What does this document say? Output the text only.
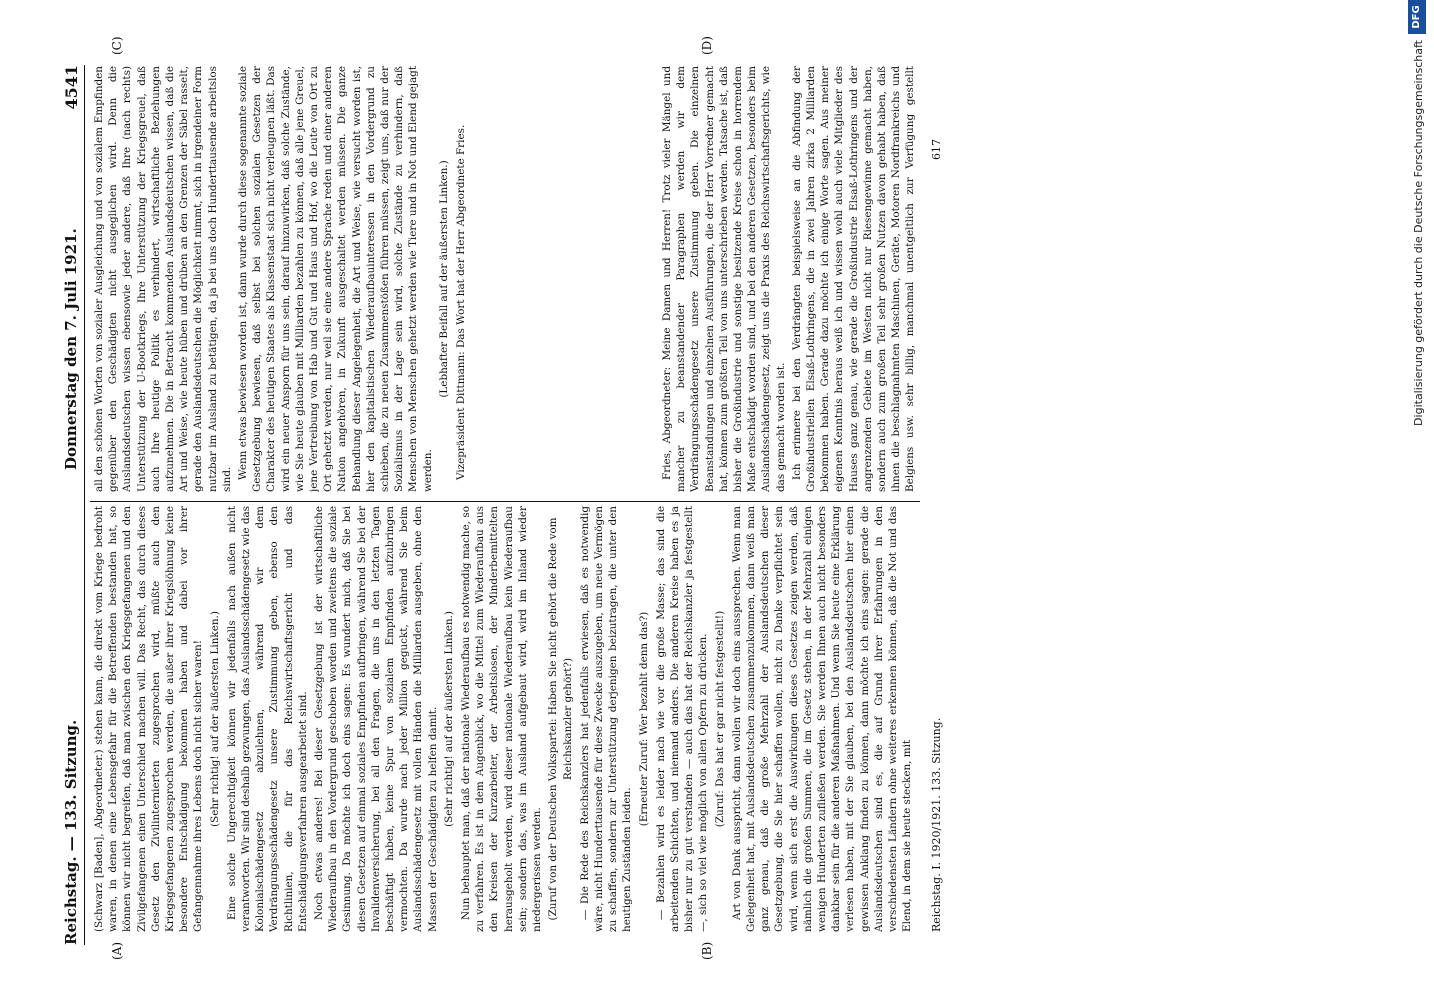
Reichstag. — 133. Sitzung.
Donnerstag den 7. Juli 1921.
4541

(Schwarz [Baden], Abgeordneter.) stehen kann, die direkt vom Kriege bedroht waren, in denen eine Lebensgefahr für die Betreffenden bestanden hat, so können wir nicht begreifen, daß man zwischen den Kriegsgefangenen und den Zivilgefangenen einen Unterschied machen will. Das Recht, das durch dieses Gesetz den Zivilinternierten zugesprochen wird, müßte auch den Kriegsgefangenen zugesprochen werden, die außer ihrer Kriegslöhnung keine besondere Entschädigung bekommen haben und dabei vor ihrer Gefangennahme ihres Lebens doch nicht sicher waren! (Sehr richtig! auf der äußersten Linken.) Eine solche Ungerechtigkeit können wir jedenfalls nach außen nicht verantworten. Wir sind deshalb gezwungen, das Auslandsschädengesetz wie das Kolonialschädengesetz abzulehnen, während wir dem Verdrängungsschädengesetz unsere Zustimmung geben, ebenso den Richtlinien, die für das Reichswirtschaftsgericht und das Entschädigungsverfahren ausgearbeitet sind. Noch etwas anderes! Bei dieser Gesetzgebung ist der wirtschaftliche Wiederaufbau in den Vordergrund geschoben worden und zweitens die soziale Gesinnung. Da möchte ich doch eins sagen: Es wundert mich, daß Sie bei diesen Gesetzen auf einmal soziales Empfinden aufbringen, während Sie bei der Invalidenversicherung, bei all den Fragen, die uns in den letzten Tagen beschäftigt haben, keine Spur von sozialem Empfinden aufzubringen vermochten. Da wurde nach jeder Million geguckt, während Sie beim Auslandsschädengesetz mit vollen Händen die Milliarden ausgeben, ohne den Massen der Geschädigten zu helfen damit. (Sehr richtig! auf der äußersten Linken.) Nun behauptet man, daß der nationale Wiederaufbau es notwendig mache, so zu verfahren. Es ist in dem Augenblick, wo die Mittel zum Wiederaufbau aus den Kreisen der Kurzarbeiter, der Arbeitslosen, der Minderbemittelten herausgeholt werden, wird dieser nationale Wiederaufbau kein Wiederaufbau sein; sondern das, was im Ausland aufgebaut wird, wird im Inland wieder niedergerissen werden. (Zuruf von der Deutschen Volkspartei: Haben Sie nicht gehört die Rede vom Reichskanzler gehört?) — Die Rede des Reichskanzlers hat jedenfalls erwiesen, daß es notwendig wäre, nicht Hunderttausende für diese Zwecke auszugeben, um neue Vermögen zu schaffen, sondern zur Unterstützung derjenigen beizutragen, die unter den heutigen Zuständen leiden.

(Erneuter Zuruf: Wer bezahlt denn das?) — Bezahlen wird es leider nach wie vor die große Masse; das sind die arbeitenden Schichten, und niemand anders. Die anderen Kreise haben es ja bisher nur zu gut verstanden — auch das hat der Reichskanzler ja festgestellt —, sich so viel wie möglich von allen Opfern zu drücken. (Zuruf: Das hat er gar nicht festgestellt!) Art von Dank ausspricht, dann wollen wir doch eins aussprechen. Wenn man Gelegenheit hat, mit Auslandsdeutschen zusammenzukommen, dann weiß man ganz genau, daß die große Mehrzahl der Auslandsdeutschen dieser Gesetzgebung, die Sie hier schaffen wollen, nicht zu Danke verpflichtet sein wird, wenn sich erst die Auswirkungen dieses Gesetzes zeigen werden, daß nämlich die großen Summen, die im Gesetz stehen, in der Mehrzahl einigen wenigen Hunderten zufließen werden. Sie werden Ihnen auch nicht besonders dankbar sein für die anderen Maßnahmen. Und wenn Sie heute eine Erklärung verlesen haben, mit der Sie glauben, bei den Auslandsdeutschen hier einen gewissen Anklang finden zu können, dann möchte ich eins sagen: gerade die Auslandsdeutschen sind es, die auf Grund ihrer Erfahrungen in den verschiedensten Ländern ohne weiteres erkennen können, daß die Not und das Elend, in dem sie heute stecken, mit

all den schönen Worten von sozialer Ausgleichung und von sozialem Empfinden gegenüber den Geschädigten nicht ausgeglichen wird. Denn die Auslandsdeutschen wissen ebensowie jeder andere, daß Ihre (nach rechts) Unterstützung der U-Bootkriegs, Ihre Unterstützung der Kriegsgreuel, daß auch Ihre heutige Politik es verhindert, wirtschaftliche Beziehungen aufzunehmen. Die in Betracht kommenden Auslandsdeutschen wissen, daß die Art und Weise, wie heute hüben und drüben an den Grenzen der Säbel rasselt, gerade den Auslandsdeutschen die Möglichkeit nimmt, sich in irgendeiner Form nutzbar im Ausland zu betätigen, da ja bei uns doch Hunderttausende arbeitslos sind. Wenn etwas bewiesen worden ist, dann wurde durch diese sogenannte soziale Gesetzgebung bewiesen, daß selbst bei solchen sozialen Gesetzen der Charakter des heutigen Staates als Klassenstaat sich nicht verleugnen läßt. Das wird ein neuer Ansporn für uns sein, darauf hinzuwirken, daß solche Zustände, wie Sie heute glauben mit Milliarden bezahlen zu können, daß alle jene Greuel, jene Vertreibung von Hab und Gut und Haus und Hof, wo die Leute von Ort zu Ort gehetzt werden, nur weil sie eine andere Sprache reden und einer anderen Nation angehören, in Zukunft ausgeschaltet werden müssen. Die ganze Behandlung dieser Angelegenheit, die Art und Weise, wie versucht worden ist, hier den kapitalistischen Wiederaufbauinteressen in den Vordergrund zu schieben, die zu neuen Zusammenstößen führen müssen, zeigt uns, daß nur der Sozialismus in der Lage sein wird, solche Zustände zu verhindern, daß Menschen von Menschen gehetzt werden wie Tiere und in Not und Elend gejagt werden.

(Lebhafter Beifall auf der äußersten Linken.) Vizepräsident Dittmann: Das Wort hat der Herr Abgeordnete Fries.	Fries, Abgeordneter: Meine Damen und Herren! Trotz vieler Mängel und mancher zu beanstandender Paragraphen werden wir dem Verdrängungsschädengesetz unsere Zustimmung geben. Die einzelnen Beanstandungen und einzelnen Ausführungen, die der Herr Vorredner gemacht hat, können zum größten Teil von uns unterschrieben werden. Tatsache ist, daß bisher die Großindustrie und sonstige besitzende Kreise schon in horrendem Maße entschädigt worden sind, und bei den anderen Gesetzen, besonders beim Auslandsschädengesetz, zeigt uns die Praxis des Reichswirtschaftsgerichts, wie das gemacht worden ist. Ich erinnere bei den Verdrängten beispielsweise an die Abfindung der Großindustriellen Elsaß-Lothringens, die in zwei Jahren zirka 2 Milliarden bekommen haben. Gerade dazu möchte ich einige Worte sagen. Aus meiner eigenen Kenntnis heraus weiß ich und wissen wohl auch viele Mitglieder des Hauses ganz genau, wie gerade die Großindustrie Elsaß-Lothringens und der angrenzenden Gebiete im Westen nicht nur Riesengewinne gemacht haben, sondern auch zum großen Teil sehr großen Nutzen davon gehabt haben, daß ihnen die beschlagnahmten Maschinen, Geräte, Motoren Nordfrankreichs und Belgiens usw. sehr billig, manchmal unentgeltlich zur Verfügung gestellt

(A)	(B)
(C)	(D)
Reichstag. I. 1920/1921. 133. Sitzung.
617	Digitalisierung gefördert durch die Deutsche Forschungsgemeinschaft
DFG
